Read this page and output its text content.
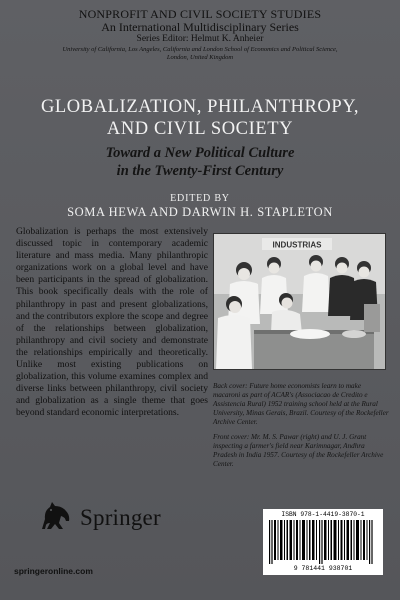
NONPROFIT AND CIVIL SOCIETY STUDIES
An International Multidisciplinary Series
Series Editor: Helmut K. Anheier
University of California, Los Angeles, California and London School of Economics and Political Science, London, United Kingdom
GLOBALIZATION, PHILANTHROPY,
AND CIVIL SOCIETY
Toward a New Political Culture
in the Twenty-First Century
EDITED BY
SOMA HEWA AND DARWIN H. STAPLETON
Globalization is perhaps the most extensively discussed topic in contemporary academic literature and mass media. Many philanthropic organizations work on a global level and have been participants in the spread of globalization. This book specifically deals with the role of philanthropy in past and present globalizations, and the contributors explore the scope and degree of the relationships between globalization, philanthropy and civil society and demonstrate the relationships empirically and theoretically. Unlike most existing publications on globalization, this volume examines complex and diverse links between philanthropy, civil society and globalization as a single theme that goes beyond standard economic interpretations.
INDUSTRIAS

Back cover: Future home economists learn to make macaroni as part of ACAR's (Associacao de Credito e Assistencia Rural) 1952 training school held at the Rural University, Minas Gerais, Brazil. Courtesy of the Rockefeller Archive Center.

Front cover: Mr. M. S. Pawar (right) and U. J. Grant inspecting a farmer's field near Karimnagar, Andhra Pradesh in India 1957. Courtesy of the Rockefeller Archive Center.

Springer
springeronline.com
ISBN 978-1-4419-3870-1
9 781441 938701
